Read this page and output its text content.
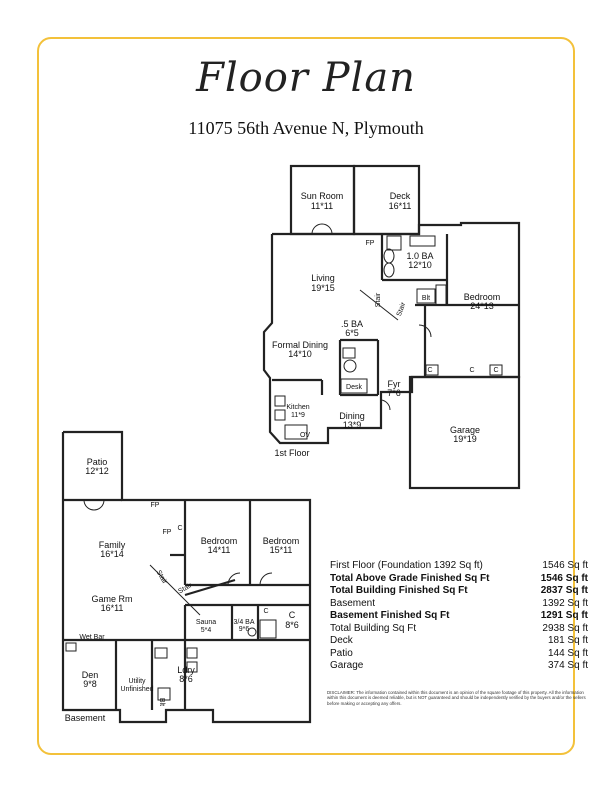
Floor Plan
11075 56th Avenue N, Plymouth
Sun Room
11*11
Deck
16*11
Living
19*15
1.0 BA
12*10
Bedroom
24*13
.5 BA
6*5
Formal Dining
14*10
Fyr
7*6
Kitchen
11*9	Dining
13*9	Garage
19*19
1st Floor
FP
Stair
Stair
Blt
Desk
C	C	C
OV
Patio
12*12
Family
16*14
Bedroom
14*11
Bedroom
15*11
Game Rm
16*11
Sauna
5*4
3/4 BA
9*6
C
8*6
Den
9*8
Ldry
8*6
Wet Bar
Utility
Unfinished
FP
FP
Stair
Stair
Blt
C
C
Basement
First Floor (Foundation 1392 Sq ft)	1546 Sq ft
Total Above Grade Finished Sq Ft	1546 Sq ft
Total Building Finished Sq Ft	2837 Sq ft
Basement	1392 Sq ft
Basement Finished Sq Ft	1291 Sq ft
Total Building Sq Ft	2938 Sq ft
Deck	181 Sq ft
Patio	144 Sq ft
Garage	374 Sq ft
DISCLAIMER: The information contained within this document is an opinion of the square footage of this property. All the information within this document is deemed reliable, but is NOT guaranteed and should be independently verified by the buyers and/or the sellers before making or accepting any offers.
